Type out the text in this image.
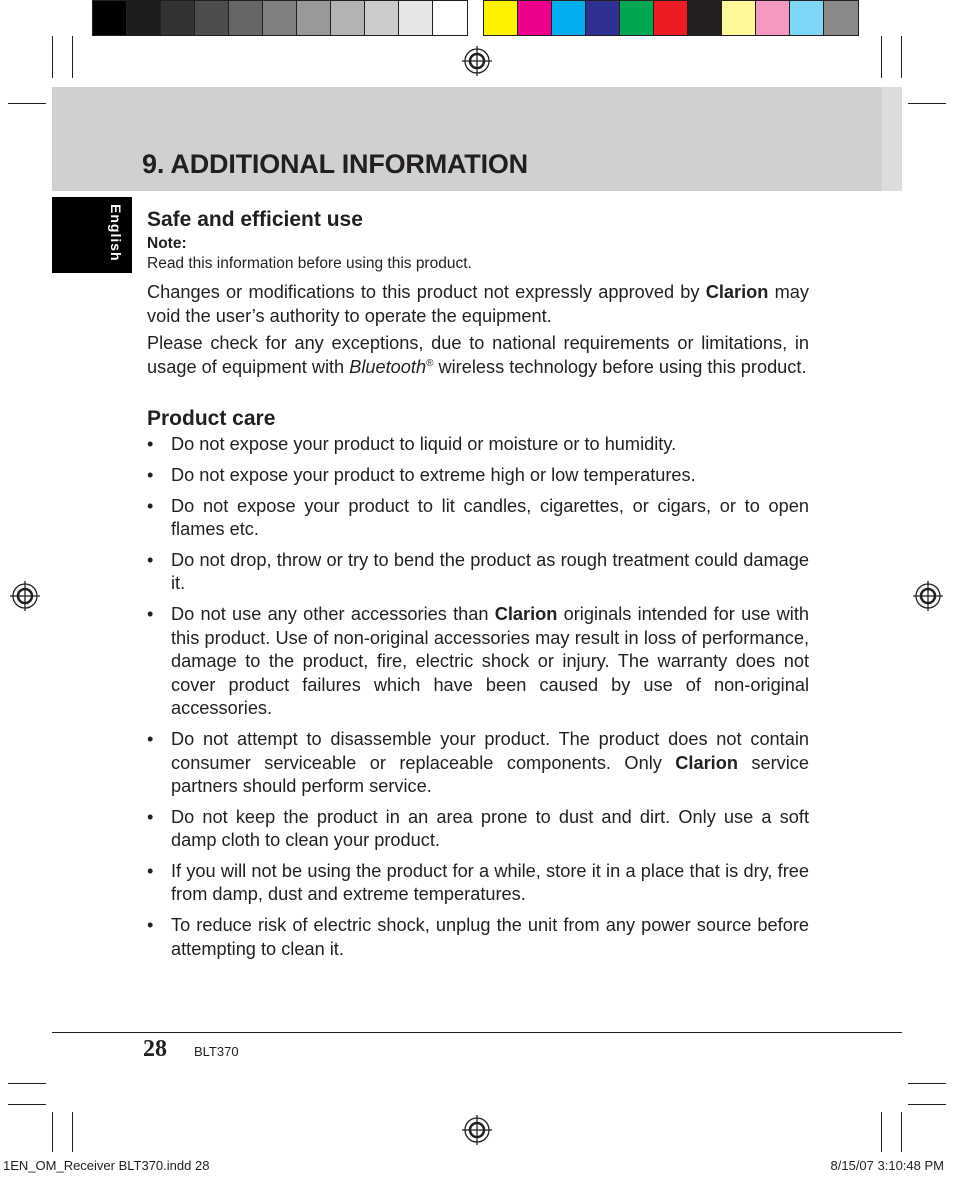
9. ADDITIONAL INFORMATION
English Safe and efficient use
Note:
Read this information before using this product.

Changes or modifications to this product not expressly approved by Clarion may void the user’s authority to operate the equipment.

Please check for any exceptions, due to national requirements or limitations, in usage of equipment with Bluetooth® wireless technology before using this product.

Product care
• Do not expose your product to liquid or moisture or to humidity.
• Do not expose your product to extreme high or low temperatures.
• Do not expose your product to lit candles, cigarettes, or cigars, or to open flames etc.
• Do not drop, throw or try to bend the product as rough treatment could damage it.
• Do not use any other accessories than Clarion originals intended for use with this product. Use of non-original accessories may result in loss of performance, damage to the product, fire, electric shock or injury. The warranty does not cover product failures which have been caused by use of non-original accessories.
• Do not attempt to disassemble your product. The product does not contain consumer serviceable or replaceable components. Only Clarion service partners should perform service.
• Do not keep the product in an area prone to dust and dirt. Only use a soft damp cloth to clean your product.
• If you will not be using the product for a while, store it in a place that is dry, free from damp, dust and extreme temperatures.
• To reduce risk of electric shock, unplug the unit from any power source before attempting to clean it.
28 BLT370
1EN_OM_Receiver BLT370.indd 28	8/15/07 3:10:48 PM
